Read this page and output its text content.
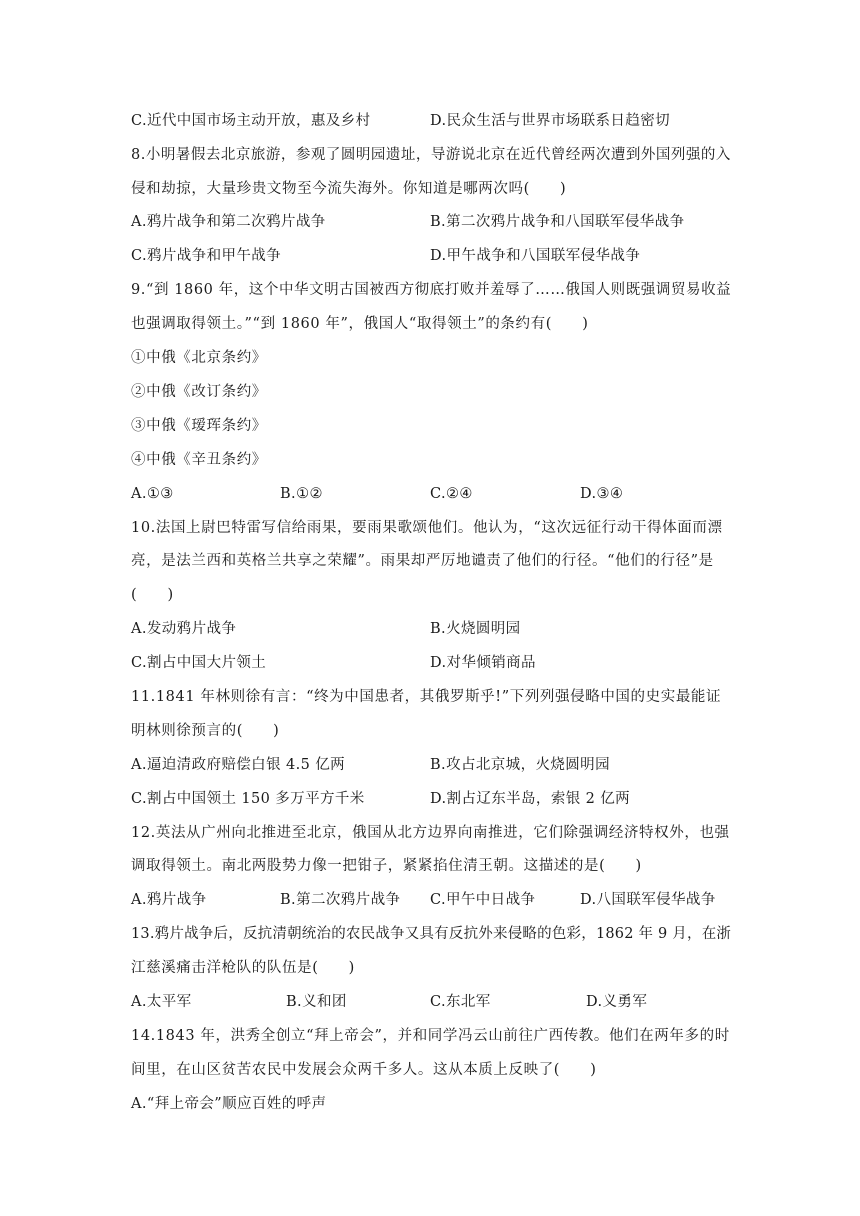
C.近代中国市场主动开放，惠及乡村	D.民众生活与世界市场联系日趋密切
8.小明暑假去北京旅游，参观了圆明园遗址，导游说北京在近代曾经两次遭到外国列强的入
侵和劫掠，大量珍贵文物至今流失海外。你知道是哪两次吗(　　)
A.鸦片战争和第二次鸦片战争	B.第二次鸦片战争和八国联军侵华战争
C.鸦片战争和甲午战争	D.甲午战争和八国联军侵华战争
9.“到 1860 年，这个中华文明古国被西方彻底打败并羞辱了……俄国人则既强调贸易收益
也强调取得领土。”“到 1860 年”，俄国人“取得领土”的条约有(　　)
①中俄《北京条约》
②中俄《改订条约》
③中俄《瑷珲条约》
④中俄《辛丑条约》
A.①③	B.①②	C.②④	D.③④
10.法国上尉巴特雷写信给雨果，要雨果歌颂他们。他认为，“这次远征行动干得体面而漂
亮，是法兰西和英格兰共享之荣耀”。雨果却严厉地谴责了他们的行径。“他们的行径”是
(　　)
A.发动鸦片战争	B.火烧圆明园
C.割占中国大片领土	D.对华倾销商品
11.1841 年林则徐有言：“终为中国患者，其俄罗斯乎!”下列列强侵略中国的史实最能证
明林则徐预言的(　　)
A.逼迫清政府赔偿白银 4.5 亿两	B.攻占北京城，火烧圆明园
C.割占中国领土 150 多万平方千米	D.割占辽东半岛，索银 2 亿两
12.英法从广州向北推进至北京，俄国从北方边界向南推进，它们除强调经济特权外，也强
调取得领土。南北两股势力像一把钳子，紧紧掐住清王朝。这描述的是(　　)
A.鸦片战争	B.第二次鸦片战争 C.甲午中日战争	D.八国联军侵华战争
13.鸦片战争后，反抗清朝统治的农民战争又具有反抗外来侵略的色彩，1862 年 9 月，在浙
江慈溪痛击洋枪队的队伍是(　　)
A.太平军	B.义和团	C.东北军	D.义勇军
14.1843 年，洪秀全创立“拜上帝会”，并和同学冯云山前往广西传教。他们在两年多的时
间里，在山区贫苦农民中发展会众两千多人。这从本质上反映了(　　)
A.“拜上帝会”顺应百姓的呼声
